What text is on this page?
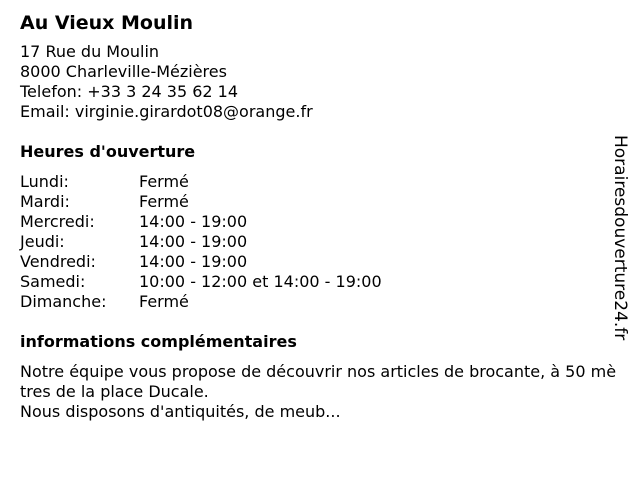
Au Vieux Moulin
17 Rue du Moulin
8000 Charleville-Mézières
Telefon: +33 3 24 35 62 14
Email: virginie.girardot08@orange.fr
Heures d'ouverture
Lundi:	Fermé
Mardi:	Fermé
Mercredi:	14:00 - 19:00
Jeudi:	14:00 - 19:00
Vendredi:	14:00 - 19:00
Samedi:	10:00 - 12:00 et 14:00 - 19:00
Dimanche:	Fermé
informations complémentaires
Notre équipe vous propose de découvrir nos articles de brocante, à 50 mètres de la place Ducale.
Nous disposons d'antiquités, de meub...
Horairesdouverture24.fr
